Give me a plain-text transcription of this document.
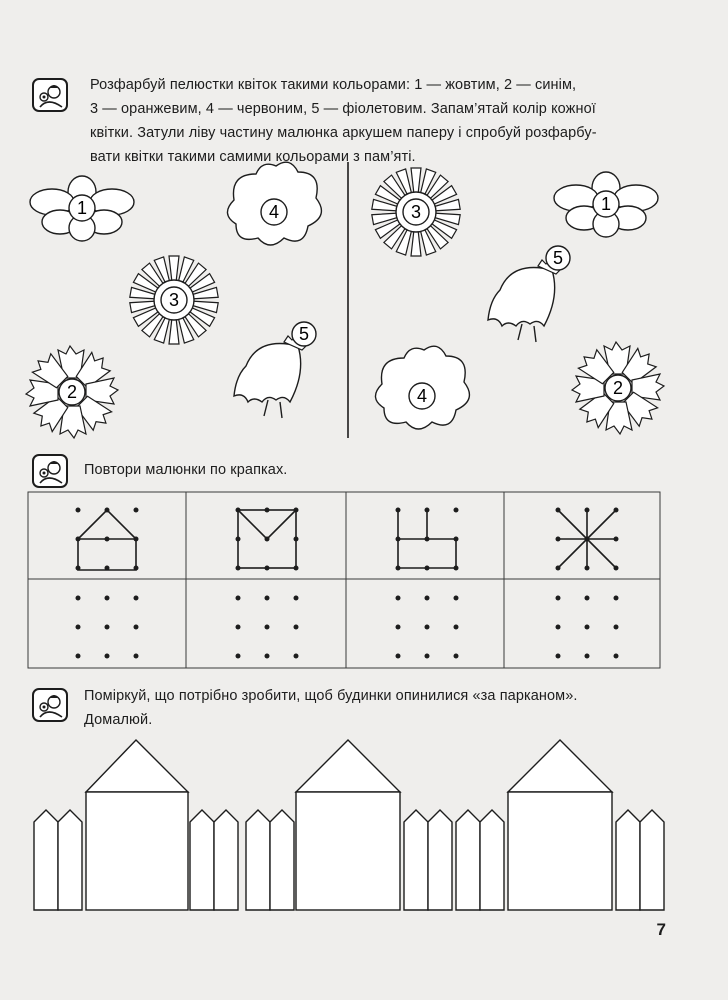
Розфарбуй пелюстки квіток такими кольорами: 1 — жовтим, 2 — синім,
3 — оранжевим, 4 — червоним, 5 — фіолетовим. Запам’ятай колір кожної
квітки. Затули ліву частину малюнка аркушем паперу і спробуй розфарбу-
вати квітки такими самими кольорами з пам’яті.
1	4
3
2
5
3	1
5
4	2
Повтори малюнки по крапках.
Поміркуй, що потрібно зробити, щоб будинки опинилися «за парканом».
Домалюй.
7
